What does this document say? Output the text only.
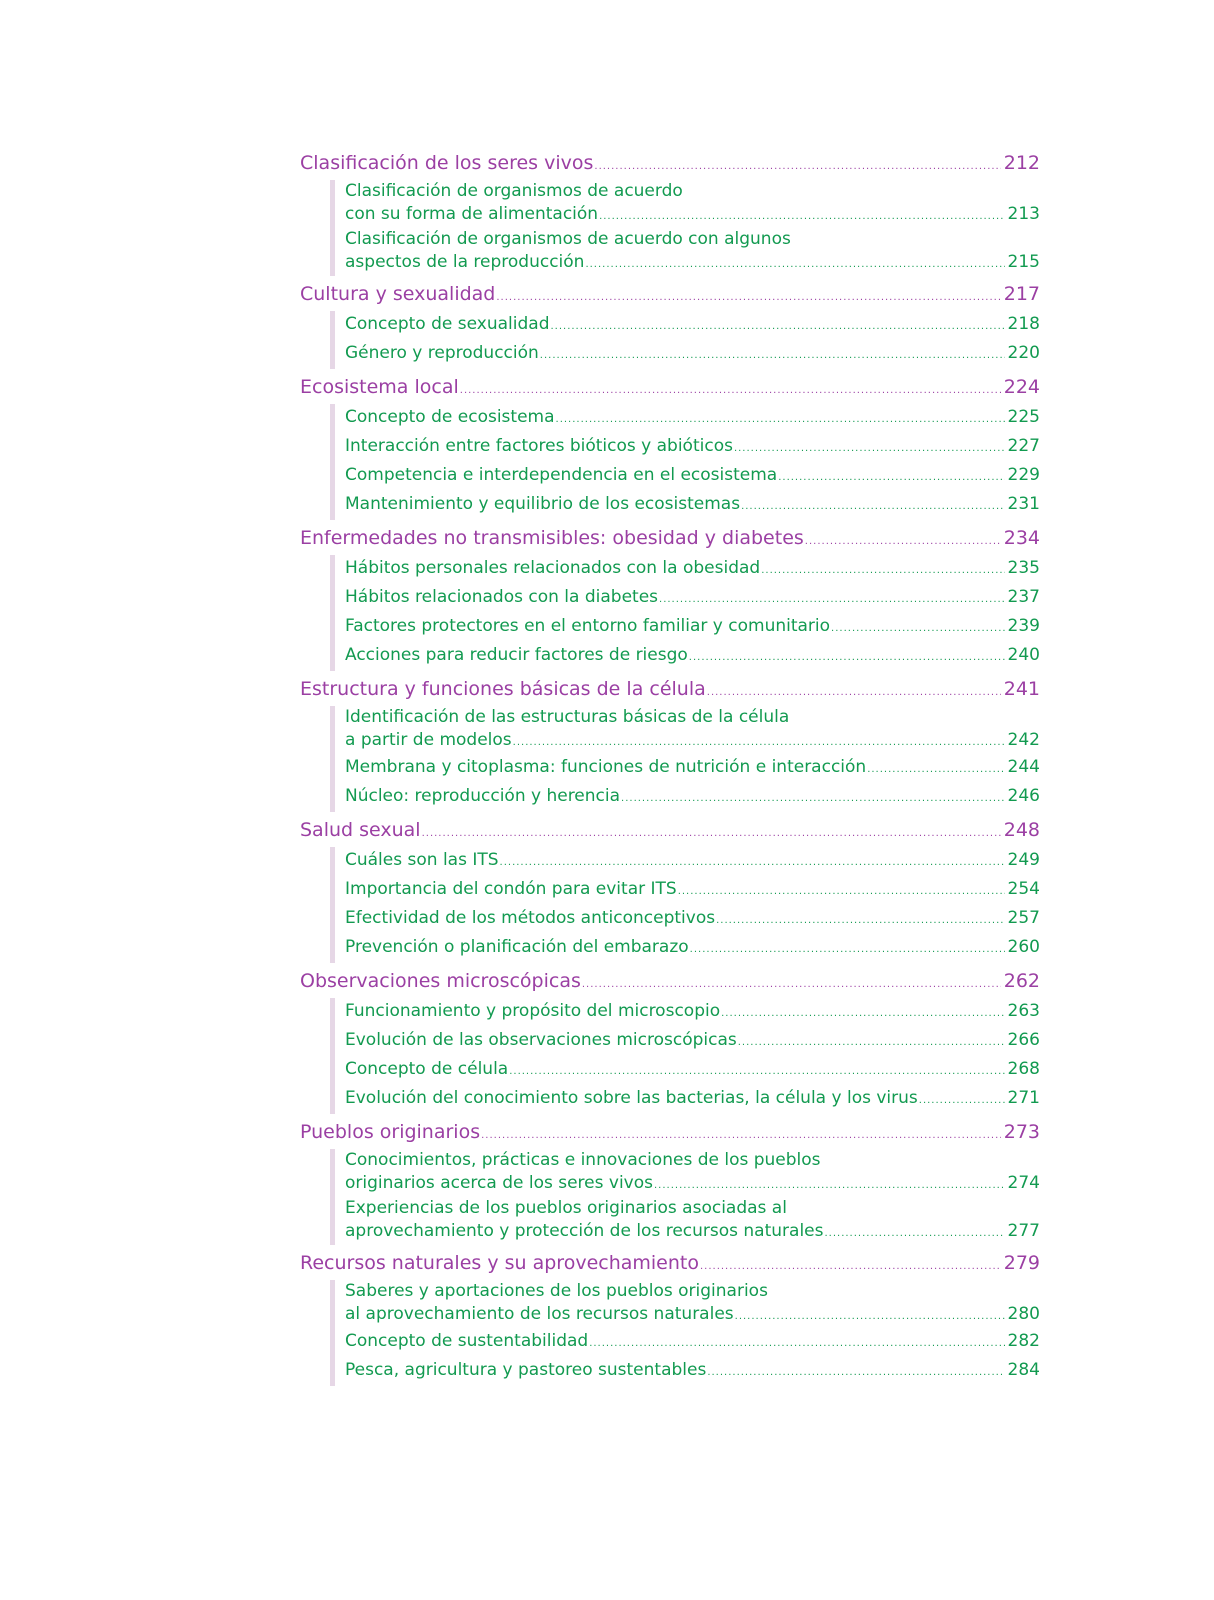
Clasificación de los seres vivos .....	212
Clasificación de organismos de acuerdo
con su forma de alimentación .....	213
Clasificación de organismos de acuerdo con algunos
aspectos de la reproducción .....	215
Cultura y sexualidad .....	217
Concepto de sexualidad .....	218
Género y reproducción .....	220
Ecosistema local .....	224
Concepto de ecosistema .....	225
Interacción entre factores bióticos y abióticos .....	227
Competencia e interdependencia en el ecosistema .....	229
Mantenimiento y equilibrio de los ecosistemas .....	231
Enfermedades no transmisibles: obesidad y diabetes .....	234
Hábitos personales relacionados con la obesidad .....	235
Hábitos relacionados con la diabetes .....	237
Factores protectores en el entorno familiar y comunitario .....	239
Acciones para reducir factores de riesgo .....	240
Estructura y funciones básicas de la célula .....	241
Identificación de las estructuras básicas de la célula
a partir de modelos .....	242
Membrana y citoplasma: funciones de nutrición e interacción .....	244
Núcleo: reproducción y herencia .....	246
Salud sexual .....	248
Cuáles son las ITS .....	249
Importancia del condón para evitar ITS .....	254
Efectividad de los métodos anticonceptivos .....	257
Prevención o planificación del embarazo .....	260
Observaciones microscópicas .....	262
Funcionamiento y propósito del microscopio .....	263
Evolución de las observaciones microscópicas .....	266
Concepto de célula .....	268
Evolución del conocimiento sobre las bacterias, la célula y los virus .....	271
Pueblos originarios .....	273
Conocimientos, prácticas e innovaciones de los pueblos
originarios acerca de los seres vivos .....	274
Experiencias de los pueblos originarios asociadas al
aprovechamiento y protección de los recursos naturales .....	277
Recursos naturales y su aprovechamiento .....	279
Saberes y aportaciones de los pueblos originarios
al aprovechamiento de los recursos naturales .....	280
Concepto de sustentabilidad .....	282
Pesca, agricultura y pastoreo sustentables .....	284
